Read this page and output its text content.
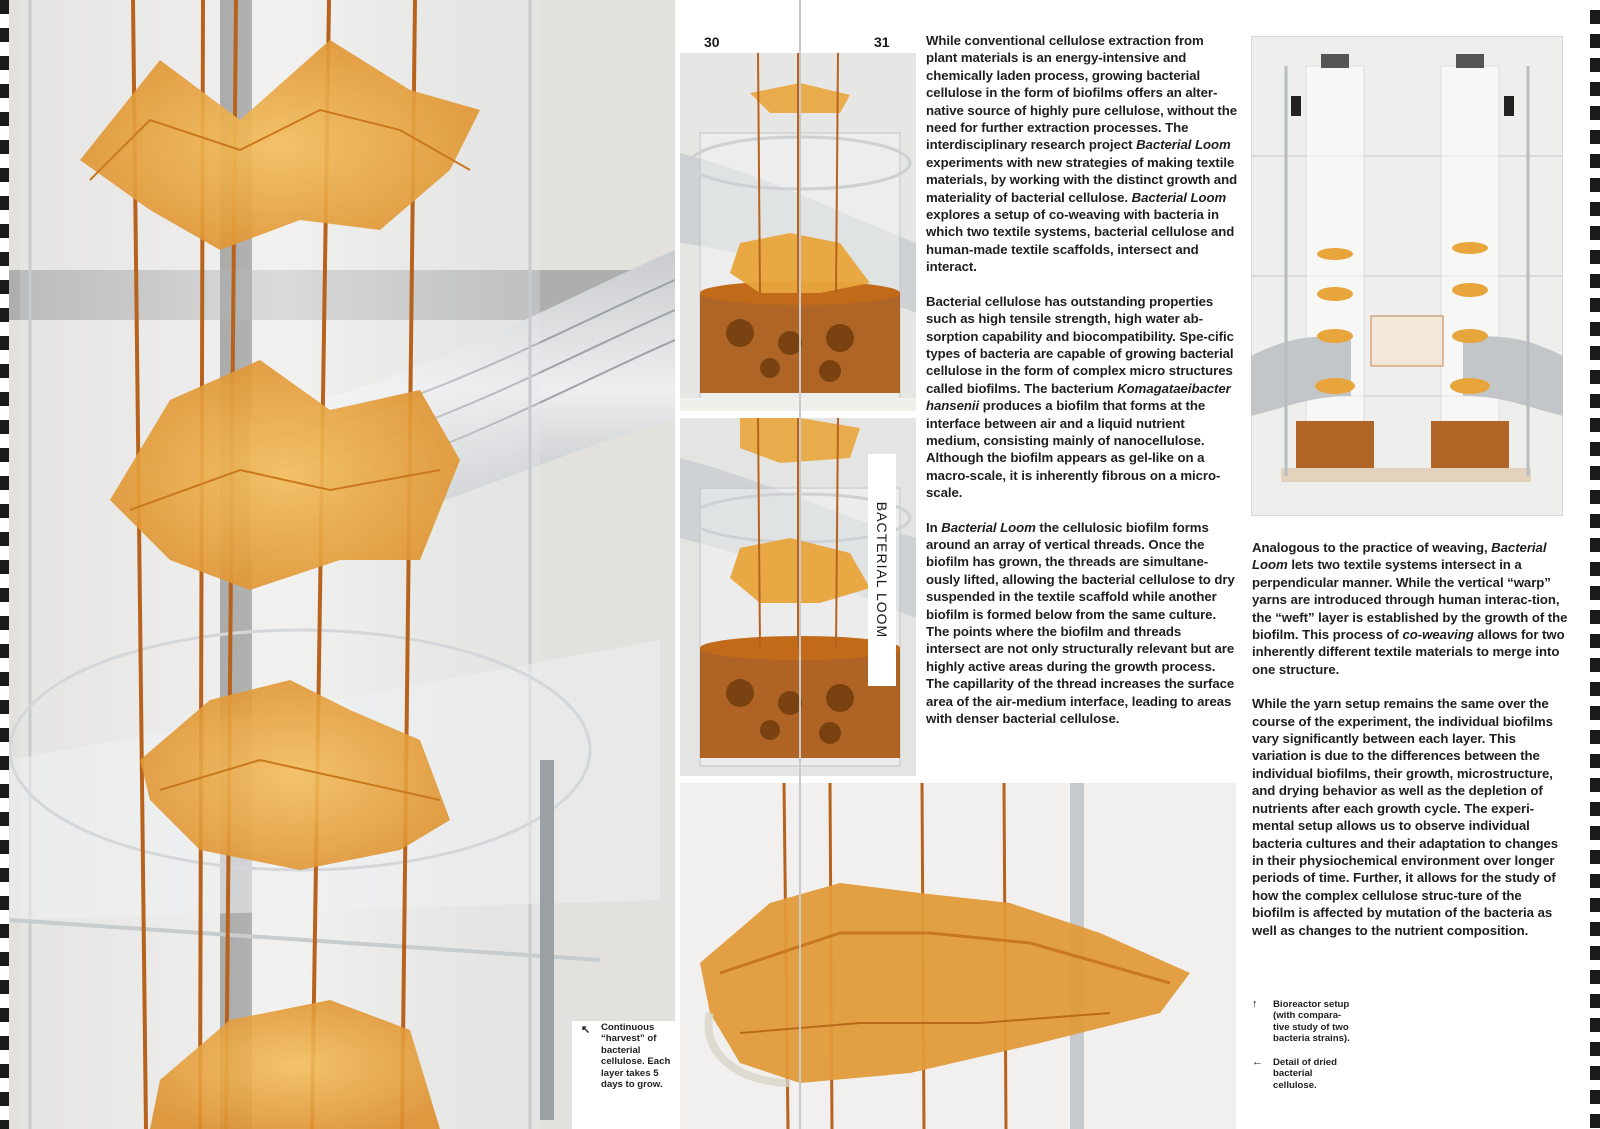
↖ Continuous “harvest” of bacterial cellulose. Each layer takes 5 days to grow.
30	31
BACTERIAL LOOM

While conventional cellulose extraction from plant materials is an energy-intensive and chemically laden process, growing bacterial cellulose in the form of biofilms offers an alter-native source of highly pure cellulose, without the need for further extraction processes. The interdisciplinary research project Bacterial Loom experiments with new strategies of making textile materials, by working with the distinct growth and materiality of bacterial cellulose. Bacterial Loom explores a setup of co-weaving with bacteria in which two textile systems, bacterial cellulose and human-made textile scaffolds, intersect and interact.

Bacterial cellulose has outstanding properties such as high tensile strength, high water ab-sorption capability and biocompatibility. Spe-cific types of bacteria are capable of growing bacterial cellulose in the form of complex micro structures called biofilms. The bacterium Komagataeibacter hansenii produces a biofilm that forms at the interface between air and a liquid nutrient medium, consisting mainly of nanocellulose. Although the biofilm appears as gel-like on a macro-scale, it is inherently fibrous on a micro-scale.

In Bacterial Loom the cellulosic biofilm forms around an array of vertical threads. Once the biofilm has grown, the threads are simultane-ously lifted, allowing the bacterial cellulose to dry suspended in the textile scaffold while another biofilm is formed below from the same culture. The points where the biofilm and threads intersect are not only structurally relevant but are highly active areas during the growth process. The capillarity of the thread increases the surface area of the air-medium interface, leading to areas with denser bacterial cellulose.

Analogous to the practice of weaving, Bacterial Loom lets two textile systems intersect in a perpendicular manner. While the vertical “warp” yarns are introduced through human interac-tion, the “weft” layer is established by the growth of the biofilm. This process of co-weaving allows for two inherently different textile materials to merge into one structure.

While the yarn setup remains the same over the course of the experiment, the individual biofilms vary significantly between each layer. This variation is due to the differences between the individual biofilms, their growth, microstructure, and drying behavior as well as the depletion of nutrients after each growth cycle. The experi-mental setup allows us to observe individual bacteria cultures and their adaptation to changes in their physiochemical environment over longer periods of time. Further, it allows for the study of how the complex cellulose struc-ture of the biofilm is affected by mutation of the bacteria as well as changes to the nutrient composition.

↑ Bioreactor setup (with compara-tive study of two bacteria strains).
← Detail of dried bacterial cellulose.
